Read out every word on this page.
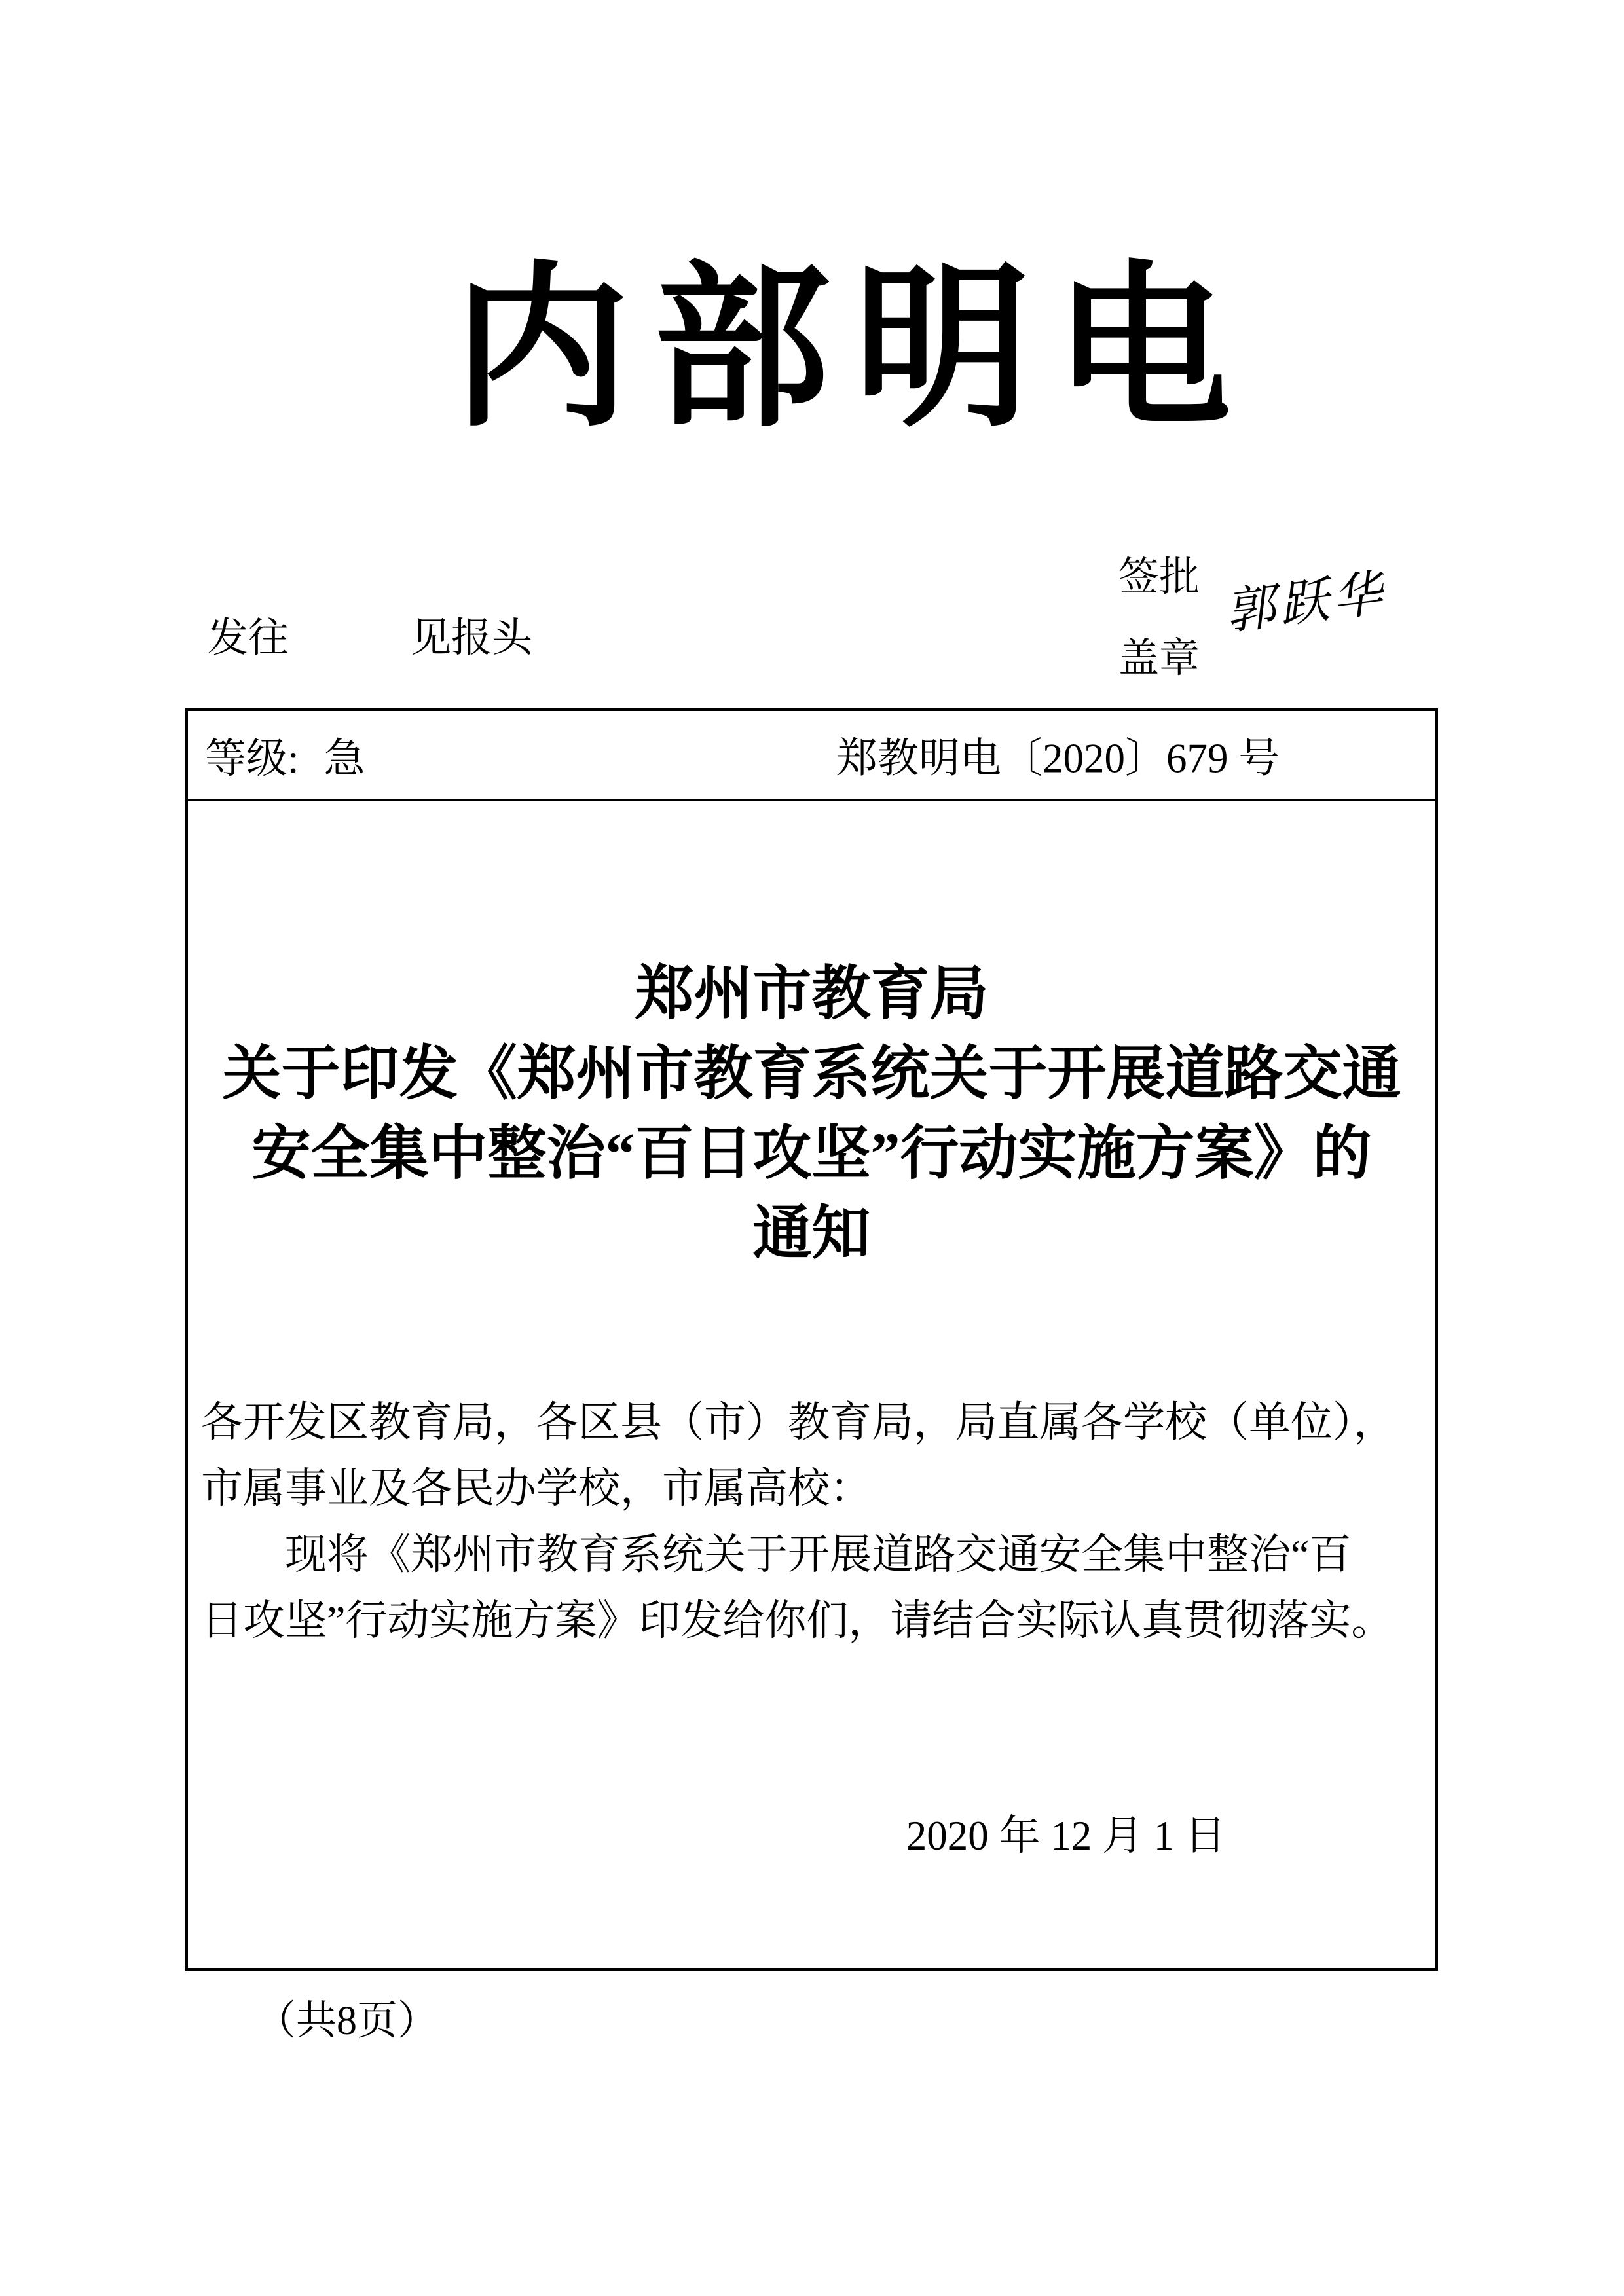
内部明电
发往	见报头
签批
盖章
郭跃华
等级: 急	郑教明电〔2020〕679 号
郑州市教育局
关于印发《郑州市教育系统关于开展道路交通
安全集中整治“百日攻坚”行动实施方案》的
通知
各开发区教育局，各区县（市）教育局，局直属各学校（单位），
市属事业及各民办学校，市属高校：
现将《郑州市教育系统关于开展道路交通安全集中整治“百
日攻坚”行动实施方案》印发给你们，请结合实际认真贯彻落实。
2020 年 12 月 1 日
（共8页）
